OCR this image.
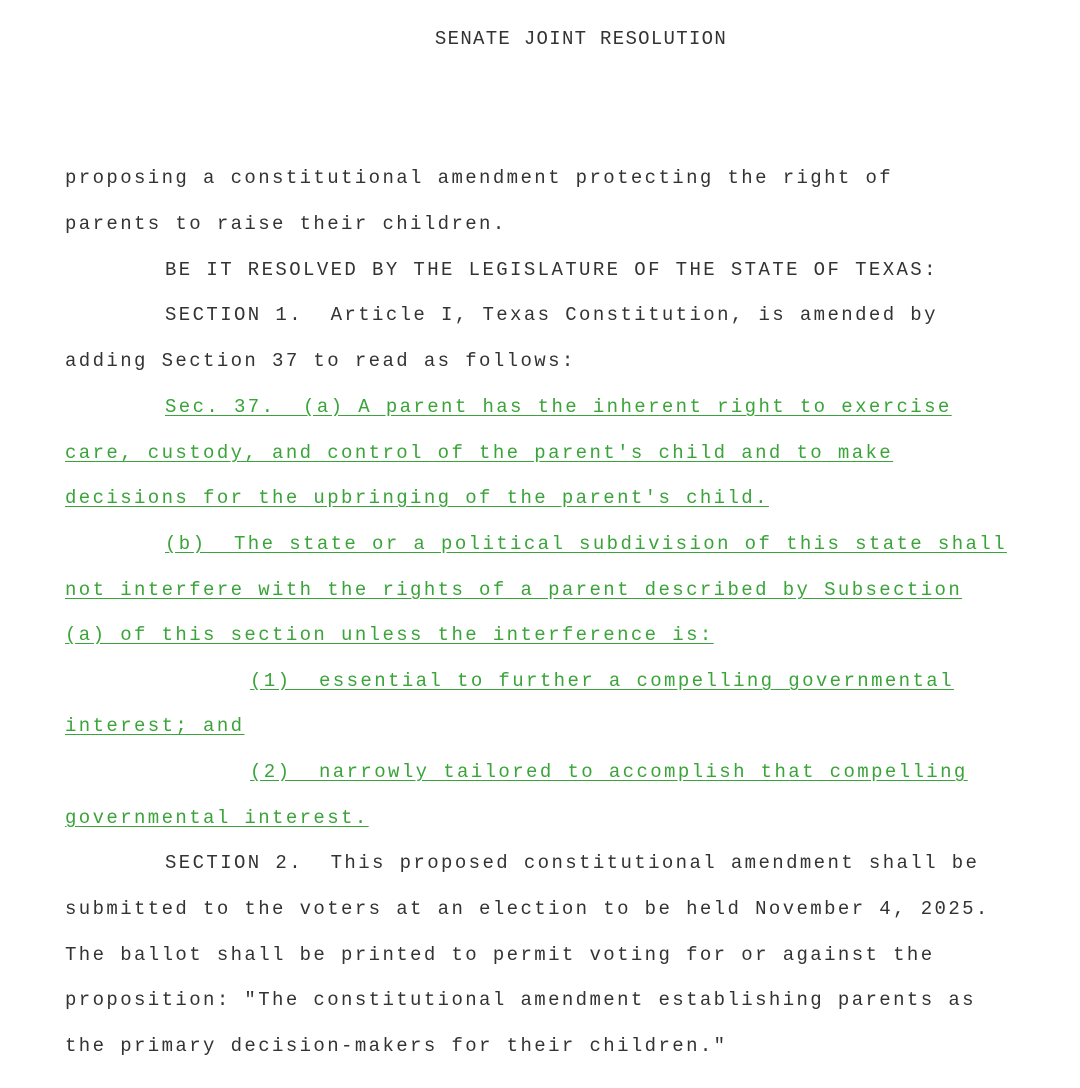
SENATE JOINT RESOLUTION
proposing a constitutional amendment protecting the right of
parents to raise their children.
BE IT RESOLVED BY THE LEGISLATURE OF THE STATE OF TEXAS:
SECTION 1.  Article I, Texas Constitution, is amended by
adding Section 37 to read as follows:
Sec. 37.  (a) A parent has the inherent right to exercise
care, custody, and control of the parent's child and to make
decisions for the upbringing of the parent's child.
(b)  The state or a political subdivision of this state shall
not interfere with the rights of a parent described by Subsection
(a) of this section unless the interference is:
(1)  essential to further a compelling governmental
interest; and
(2)  narrowly tailored to accomplish that compelling
governmental interest.
SECTION 2.  This proposed constitutional amendment shall be
submitted to the voters at an election to be held November 4, 2025.
The ballot shall be printed to permit voting for or against the
proposition: "The constitutional amendment establishing parents as
the primary decision-makers for their children."
